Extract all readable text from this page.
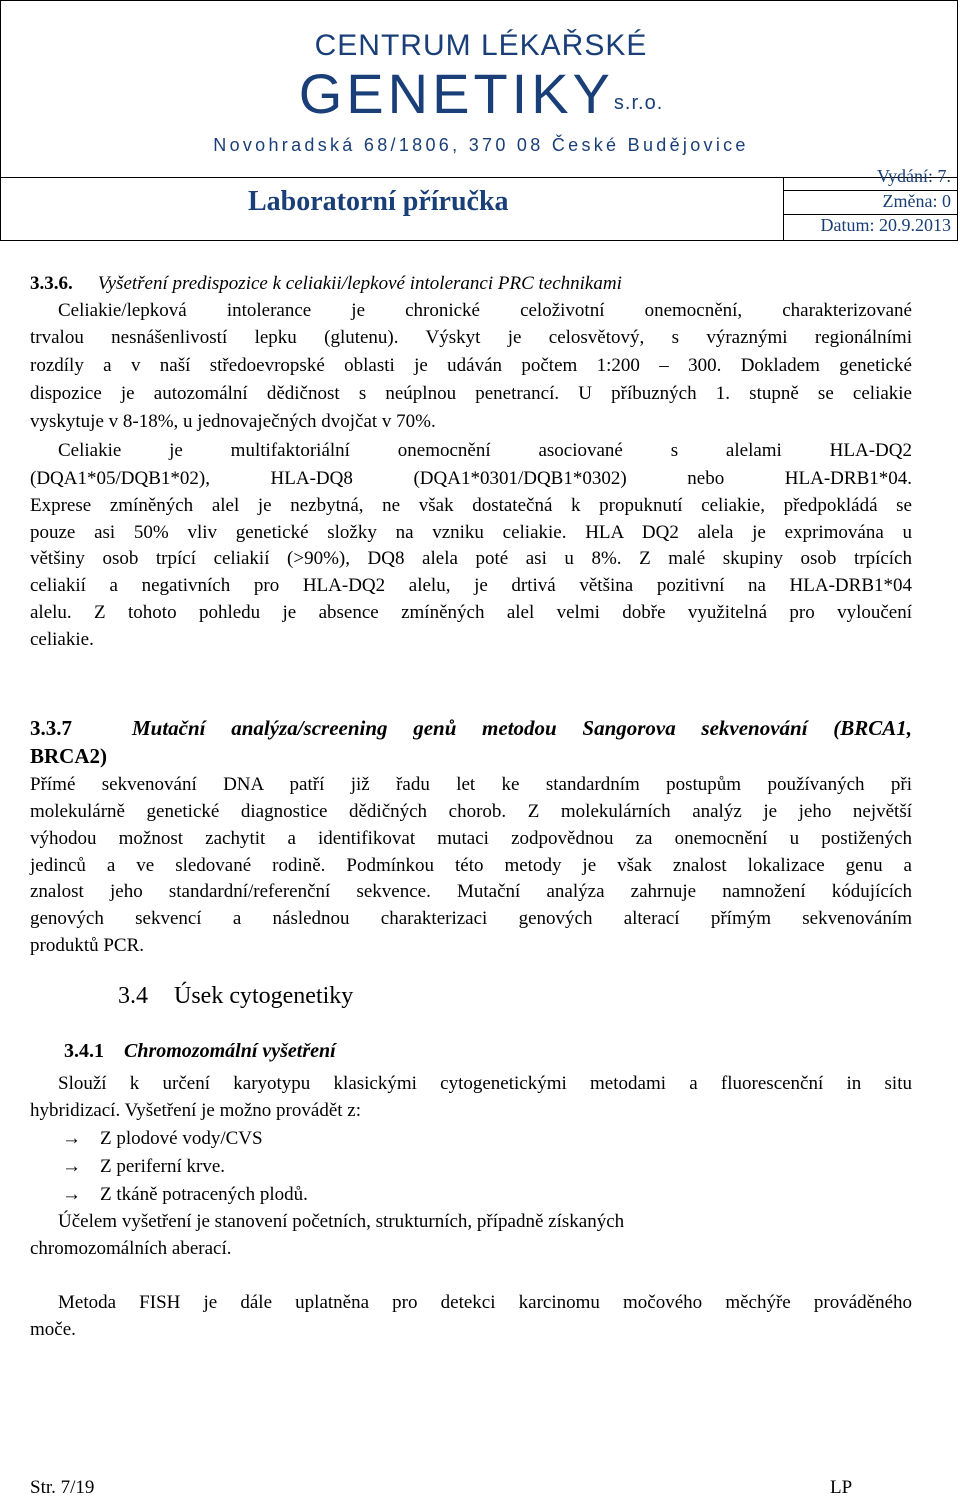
CENTRUM LÉKAŘSKÉ
GENETIKYs.r.o.
Novohradská 68/1806, 370 08 České Budějovice
Laboratorní příručka
Vydání: 7.
Změna: 0
Datum: 20.9.2013
3.3.6. Vyšetření predispozice k celiakii/lepkové intoleranci PRC technikami
Celiakie/lepková intolerance je chronické celoživotní onemocnění, charakterizované
trvalou nesnášenlivostí lepku (glutenu). Výskyt je celosvětový, s výraznými regionálními
rozdíly a v naší středoevropské oblasti je udáván počtem 1:200 – 300. Dokladem genetické
dispozice je autozomální dědičnost s neúplnou penetrancí. U příbuzných 1. stupně se celiakie
vyskytuje v 8-18%, u jednovaječných dvojčat v 70%.
Celiakie je multifaktoriální onemocnění asociované s alelami HLA-DQ2
(DQA1*05/DQB1*02), HLA-DQ8 (DQA1*0301/DQB1*0302) nebo HLA-DRB1*04.
Exprese zmíněných alel je nezbytná, ne však dostatečná k propuknutí celiakie, předpokládá se
pouze asi 50% vliv genetické složky na vzniku celiakie. HLA DQ2 alela je exprimována u
většiny osob trpící celiakií (>90%), DQ8 alela poté asi u 8%. Z malé skupiny osob trpících
celiakií a negativních pro HLA-DQ2 alelu, je drtivá většina pozitivní na HLA-DRB1*04
alelu. Z tohoto pohledu je absence zmíněných alel velmi dobře využitelná pro vyloučení
celiakie.
3.3.7	Mutační analýza/screening genů metodou Sangorova sekvenování (BRCA1,
BRCA2)
Přímé sekvenování DNA patří již řadu let ke standardním postupům používaných při
molekulárně genetické diagnostice dědičných chorob. Z molekulárních analýz je jeho největší
výhodou možnost zachytit a identifikovat mutaci zodpovědnou za onemocnění u postižených
jedinců a ve sledované rodině. Podmínkou této metody je však znalost lokalizace genu a
znalost jeho standardní/referenční sekvence. Mutační analýza zahrnuje namnožení kódujících
genových sekvencí a následnou charakterizaci genových alterací přímým sekvenováním
produktů PCR.
3.4 Úsek cytogenetiky
3.4.1 Chromozomální vyšetření
Slouží k určení karyotypu klasickými cytogenetickými metodami a fluorescenční in situ
hybridizací. Vyšetření je možno provádět z:
→ Z plodové vody/CVS
→ Z periferní krve.
→ Z tkáně potracených plodů.
Účelem vyšetření je stanovení početních, strukturních, případně získaných
chromozomálních aberací.
Metoda FISH je dále uplatněna pro detekci karcinomu močového měchýře prováděného
moče.
Str. 7/19	LP
